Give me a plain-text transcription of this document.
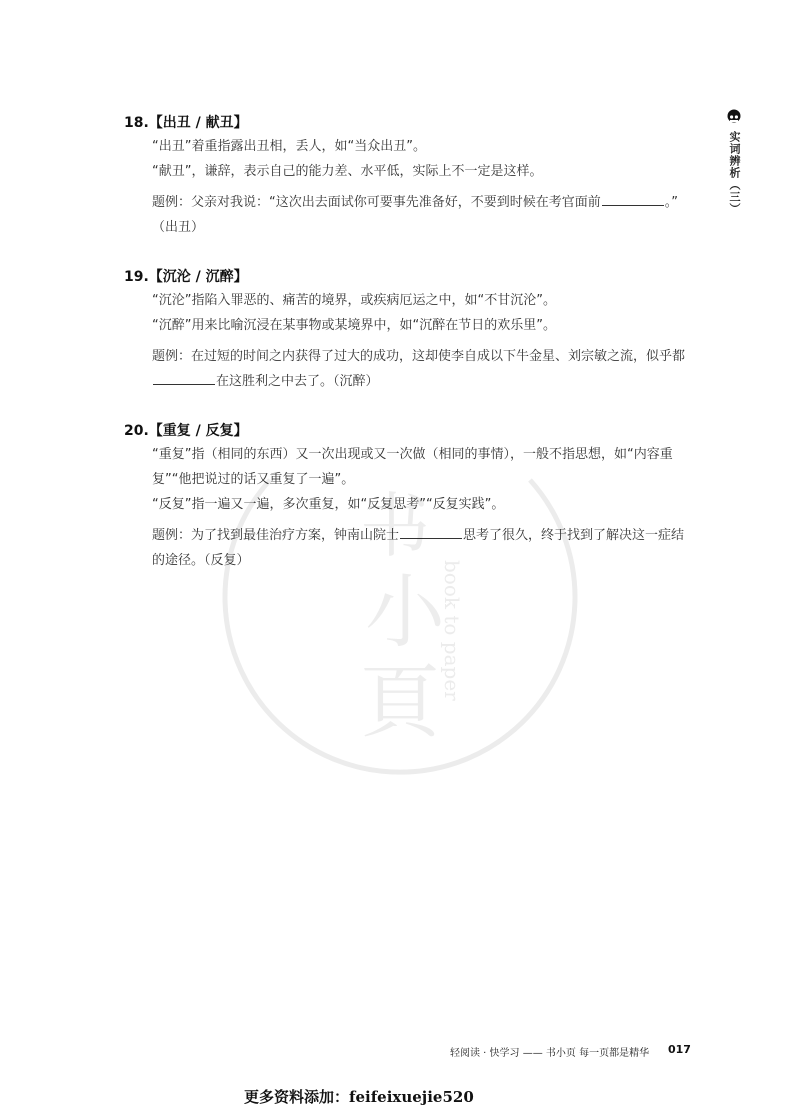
书
小
頁
book to paper
实词辨析（三）
18.【出丑 / 献丑】
“出丑”着重指露出丑相，丢人，如“当众出丑”。
“献丑”，谦辞，表示自己的能力差、水平低，实际上不一定是这样。
题例：父亲对我说：“这次出去面试你可要事先准备好，不要到时候在考官面前	。”
（出丑）
19.【沉沦 / 沉醉】
“沉沦”指陷入罪恶的、痛苦的境界，或疾病厄运之中，如“不甘沉沦”。
“沉醉”用来比喻沉浸在某事物或某境界中，如“沉醉在节日的欢乐里”。
题例：在过短的时间之内获得了过大的成功，这却使李自成以下牛金星、刘宗敏之流，似乎都在这胜利之中去了。（沉醉）
20.【重复 / 反复】
“重复”指（相同的东西）又一次出现或又一次做（相同的事情），一般不指思想，如“内容重复”“他把说过的话又重复了一遍”。
“反复”指一遍又一遍，多次重复，如“反复思考”“反复实践”。
题例：为了找到最佳治疗方案，钟南山院士	思考了很久，终于找到了解决这一症结的途径。（反复）
轻阅读 · 快学习 —— 书小页 每一页都是精华 017
更多资料添加：feifeixuejie520
